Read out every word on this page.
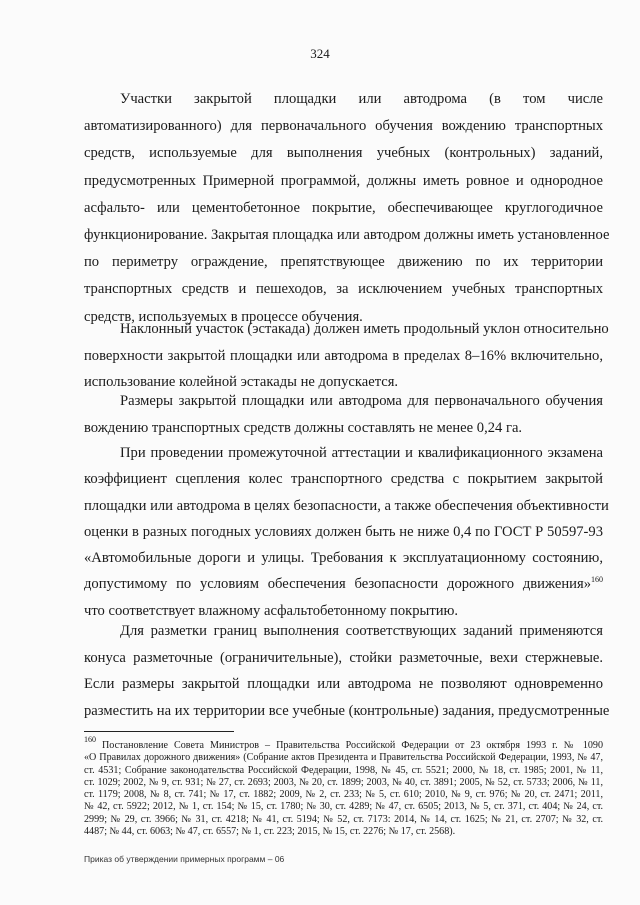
324
Участки закрытой площадки или автодрома (в том числе
автоматизированного) для первоначального обучения вождению транспортных
средств, используемые для выполнения учебных (контрольных) заданий,
предусмотренных Примерной программой, должны иметь ровное и однородное
асфальто- или цементобетонное покрытие, обеспечивающее круглогодичное
функционирование. Закрытая площадка или автодром должны иметь установленное
по периметру ограждение, препятствующее движению по их территории
транспортных средств и пешеходов, за исключением учебных транспортных
средств, используемых в процессе обучения.
Наклонный участок (эстакада) должен иметь продольный уклон относительно
поверхности закрытой площадки или автодрома в пределах 8–16% включительно,
использование колейной эстакады не допускается.
Размеры закрытой площадки или автодрома для первоначального обучения
вождению транспортных средств должны составлять не менее 0,24 га.
При проведении промежуточной аттестации и квалификационного экзамена
коэффициент сцепления колес транспортного средства с покрытием закрытой
площадки или автодрома в целях безопасности, а также обеспечения объективности
оценки в разных погодных условиях должен быть не ниже 0,4 по ГОСТ Р 50597-93
«Автомобильные дороги и улицы. Требования к эксплуатационному состоянию,
допустимому по условиям обеспечения безопасности дорожного движения»$^{160}$
что соответствует влажному асфальтобетонному покрытию.
Для разметки границ выполнения соответствующих заданий применяются
конуса разметочные (ограничительные), стойки разметочные, вехи стержневые.
Если размеры закрытой площадки или автодрома не позволяют одновременно
разместить на их территории все учебные (контрольные) задания, предусмотренные
$^{160}$ Постановление Совета Министров – Правительства Российской Федерации от 23 октября 1993 г. № 1090
«О Правилах дорожного движения» (Собрание актов Президента и Правительства Российской Федерации, 1993, № 47,
ст. 4531; Собрание законодательства Российской Федерации, 1998, № 45, ст. 5521; 2000, № 18, ст. 1985; 2001, № 11,
ст. 1029; 2002, № 9, ст. 931; № 27, ст. 2693; 2003, № 20, ст. 1899; 2003, № 40, ст. 3891; 2005, № 52, ст. 5733; 2006, № 11,
ст. 1179; 2008, № 8, ст. 741; № 17, ст. 1882; 2009, № 2, ст. 233; № 5, ст. 610; 2010, № 9, ст. 976; № 20, ст. 2471; 2011,
№ 42, ст. 5922; 2012, № 1, ст. 154; № 15, ст. 1780; № 30, ст. 4289; № 47, ст. 6505; 2013, № 5, ст. 371, ст. 404; № 24, ст.
2999; № 29, ст. 3966; № 31, ст. 4218; № 41, ст. 5194; № 52, ст. 7173: 2014, № 14, ст. 1625; № 21, ст. 2707; № 32, ст.
4487; № 44, ст. 6063; № 47, ст. 6557; № 1, ст. 223; 2015, № 15, ст. 2276; № 17, ст. 2568).
Приказ об утверждении примерных программ – 06
